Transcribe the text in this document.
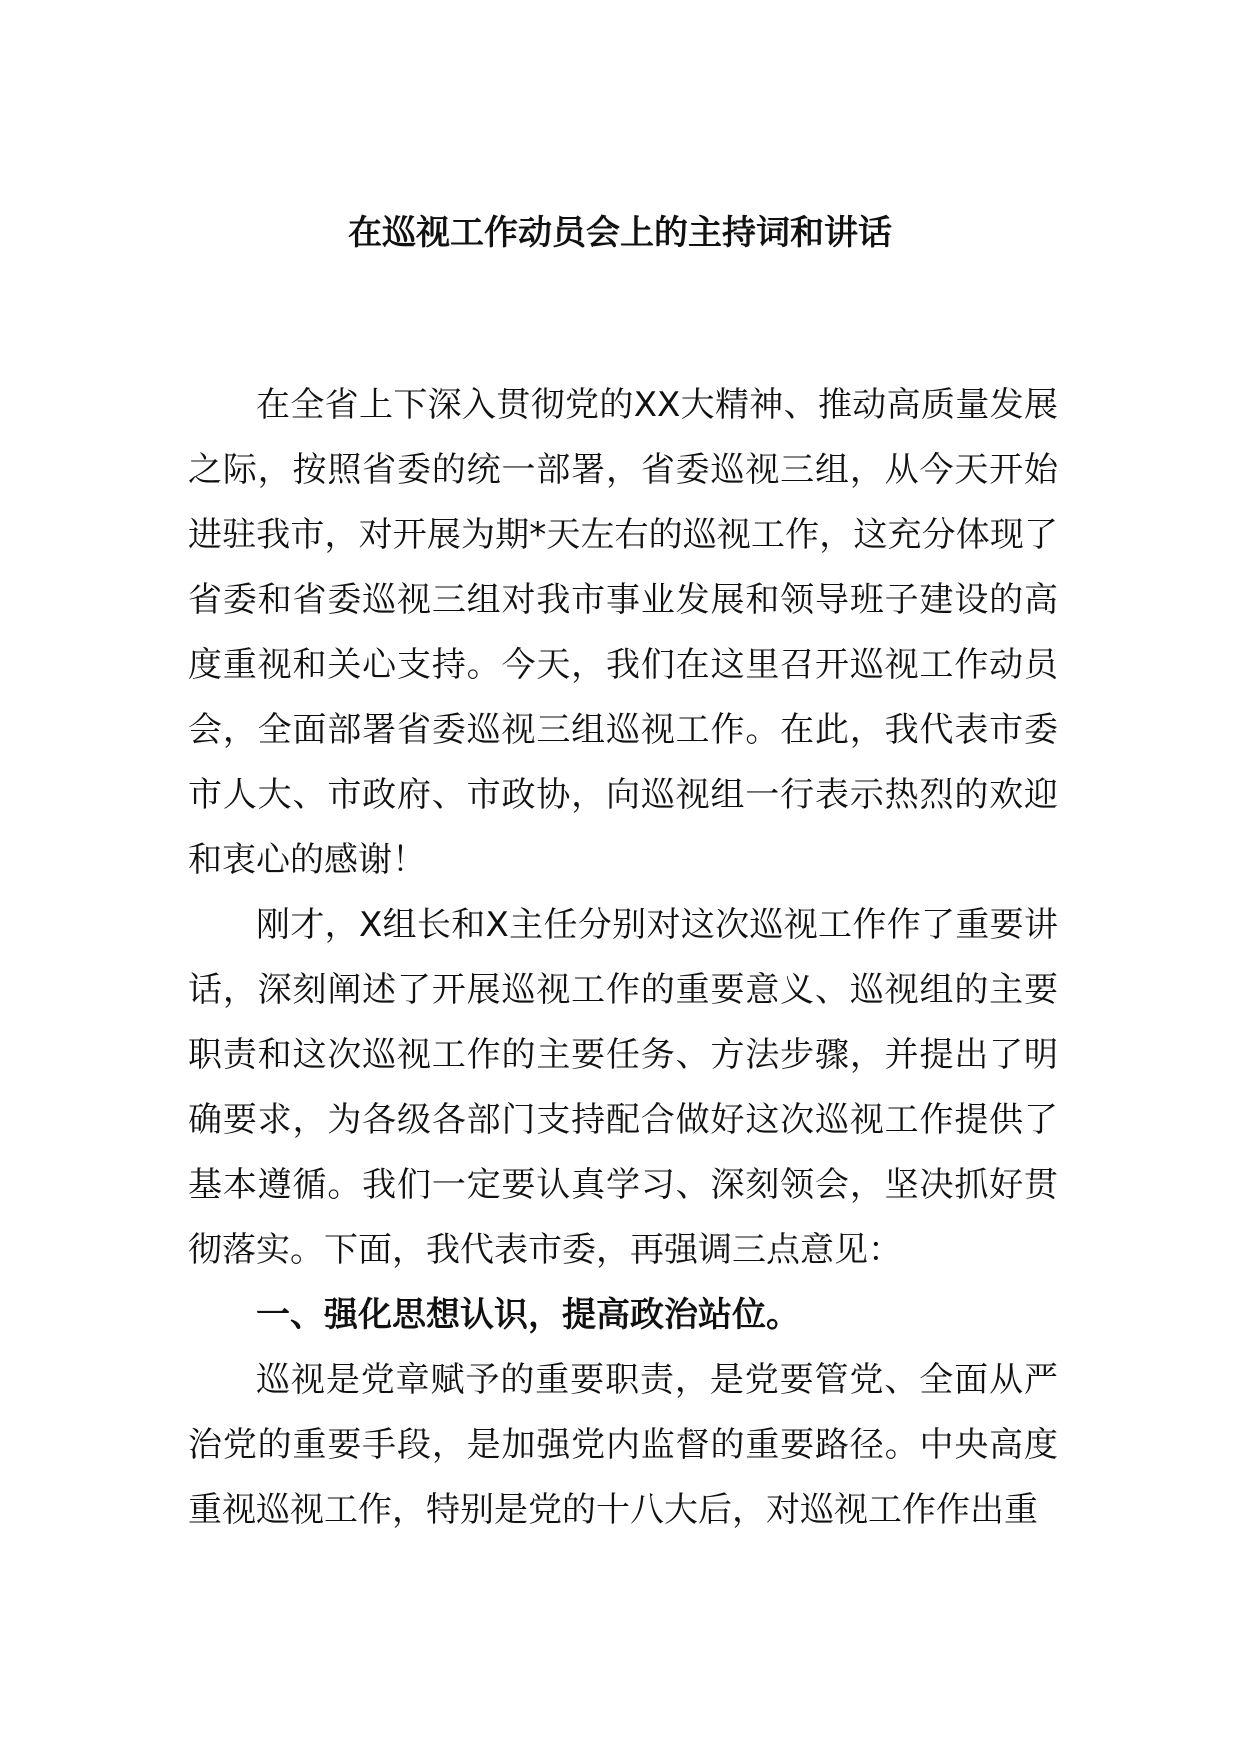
在巡视工作动员会上的主持词和讲话

在全省上下深入贯彻党的XX大精神、推动高质量发展之际，按照省委的统一部署，省委巡视三组，从今天开始进驻我市，对开展为期*天左右的巡视工作，这充分体现了省委和省委巡视三组对我市事业发展和领导班子建设的高度重视和关心支持。今天，我们在这里召开巡视工作动员会，全面部署省委巡视三组巡视工作。在此，我代表市委市人大、市政府、市政协，向巡视组一行表示热烈的欢迎和衷心的感谢！

刚才，X组长和X主任分别对这次巡视工作作了重要讲话，深刻阐述了开展巡视工作的重要意义、巡视组的主要职责和这次巡视工作的主要任务、方法步骤，并提出了明确要求，为各级各部门支持配合做好这次巡视工作提供了基本遵循。我们一定要认真学习、深刻领会，坚决抓好贯彻落实。下面，我代表市委，再强调三点意见：

一、强化思想认识，提高政治站位。

巡视是党章赋予的重要职责，是党要管党、全面从严治党的重要手段，是加强党内监督的重要路径。中央高度重视巡视工作，特别是党的十八大后，对巡视工作作出重
